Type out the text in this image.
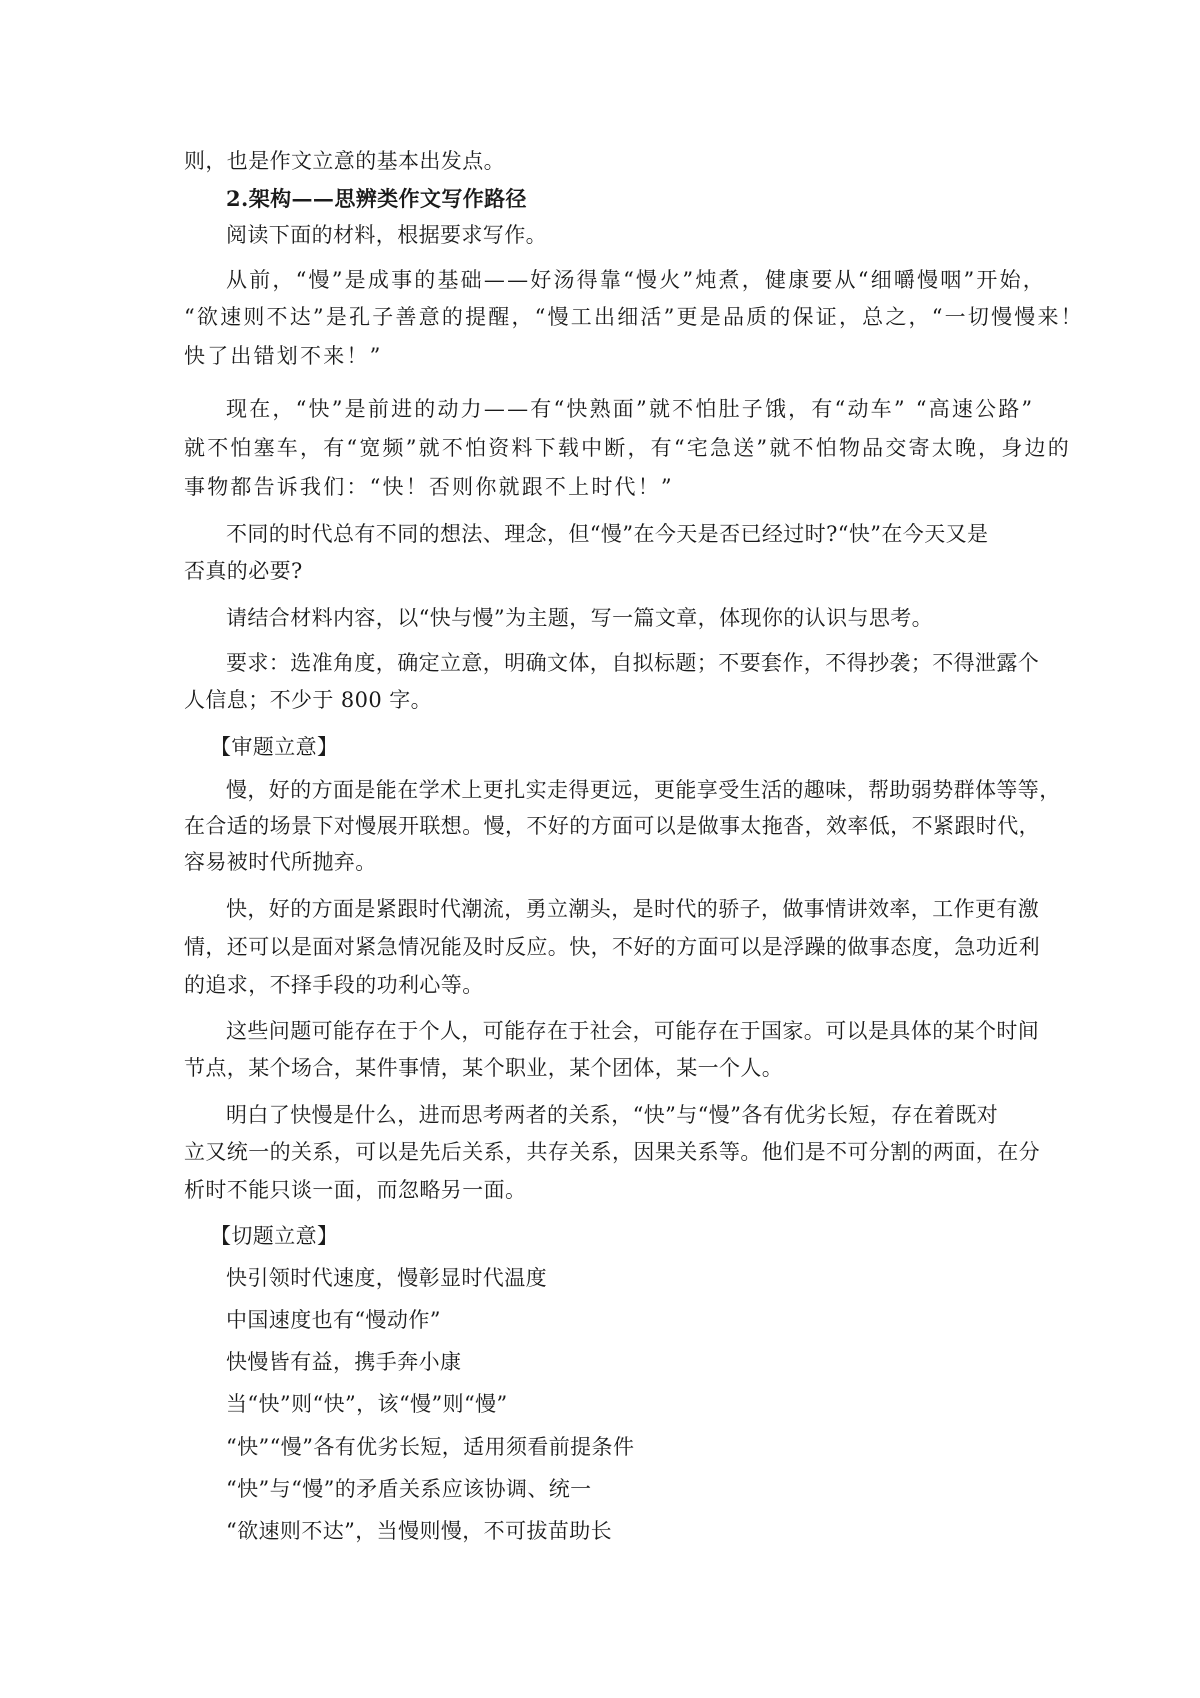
则，也是作文立意的基本出发点。
2.架构——思辨类作文写作路径
阅读下面的材料，根据要求写作。
从前，“慢”是成事的基础——好汤得靠“慢火”炖煮，健康要从“细嚼慢咽”开始，
“欲速则不达”是孔子善意的提醒，“慢工出细活”更是品质的保证，总之，“一切慢慢来！
快了出错划不来！”
现在，“快”是前进的动力——有“快熟面”就不怕肚子饿，有“动车” “高速公路”
就不怕塞车，有“宽频”就不怕资料下载中断，有“宅急送”就不怕物品交寄太晚，身边的
事物都告诉我们：“快！否则你就跟不上时代！”
不同的时代总有不同的想法、理念，但“慢”在今天是否已经过时?“快”在今天又是
否真的必要?
请结合材料内容，以“快与慢”为主题，写一篇文章，体现你的认识与思考。
要求：选准角度，确定立意，明确文体，自拟标题；不要套作，不得抄袭；不得泄露个
人信息；不少于 800 字。
【审题立意】
慢，好的方面是能在学术上更扎实走得更远，更能享受生活的趣味，帮助弱势群体等等，
在合适的场景下对慢展开联想。慢，不好的方面可以是做事太拖沓，效率低，不紧跟时代，
容易被时代所抛弃。
快，好的方面是紧跟时代潮流，勇立潮头，是时代的骄子，做事情讲效率，工作更有激
情，还可以是面对紧急情况能及时反应。快，不好的方面可以是浮躁的做事态度，急功近利
的追求，不择手段的功利心等。
这些问题可能存在于个人，可能存在于社会，可能存在于国家。可以是具体的某个时间
节点，某个场合，某件事情，某个职业，某个团体，某一个人。
明白了快慢是什么，进而思考两者的关系，“快”与“慢”各有优劣长短，存在着既对
立又统一的关系，可以是先后关系，共存关系，因果关系等。他们是不可分割的两面，在分
析时不能只谈一面，而忽略另一面。
【切题立意】
快引领时代速度，慢彰显时代温度
中国速度也有“慢动作”
快慢皆有益，携手奔小康
当“快”则“快”，该“慢”则“慢”
“快”“慢”各有优劣长短，适用须看前提条件
“快”与“慢”的矛盾关系应该协调、统一
“欲速则不达”，当慢则慢，不可拔苗助长
